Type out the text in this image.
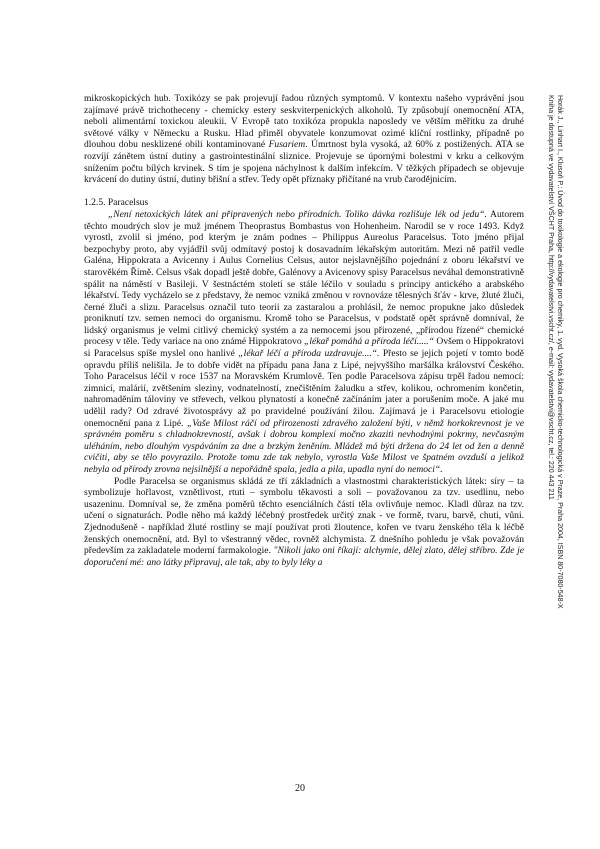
mikroskopických hub. Toxikózy se pak projevují řadou různých symptomů. V kontextu našeho vyprávění jsou zajímavé právě trichotheceny - chemicky estery seskviterpenických alkoholů. Ty způsobují onemocnění ATA, neboli alimentární toxickou aleukii. V Evropě tato toxikóza propukla naposledy ve větším měřítku za druhé světové války v Německu a Rusku. Hlad přiměl obyvatele konzumovat ozimé klíční rostlinky, případně po dlouhou dobu nesklizené obilí kontaminované Fusariem. Úmrtnost byla vysoká, až 60% z postižených. ATA se rozvíjí zánětem ústní dutiny a gastrointestinální sliznice. Projevuje se úpornými bolestmi v krku a celkovým snížením počtu bílých krvinek. S tím je spojena náchylnost k dalším infekcím. V těžkých případech se objevuje krvácení do dutiny ústní, dutiny břišní a střev. Tedy opět příznaky přičítané na vrub čarodějnicím.

1.2.5. Paracelsus

„Není netoxických látek ani připravených nebo přírodních. Toliko dávka rozlišuje lék od jedu“. Autorem těchto moudrých slov je muž jménem Theoprastus Bombastus von Hohenheim. Narodil se v roce 1493. Když vyrostl, zvolil si jméno, pod kterým je znám podnes – Philippus Aureolus Paracelsus. Toto jméno přijal bezpochyby proto, aby vyjádřil svůj odmítavý postoj k dosavadním lékařským autoritám. Mezi ně patřil vedle Galéna, Hippokrata a Avicenny i Aulus Cornelius Celsus, autor nejslavnějšího pojednání z oboru lékařství ve starověkém Římě. Celsus však dopadl ještě dobře, Galénovy a Avicenovy spisy Paracelsus neváhal demonstrativně spálit na náměstí v Basileji. V šestnáctém století se stále léčilo v souladu s principy antického a arabského lékařství. Tedy vycházelo se z představy, že nemoc vzniká změnou v rovnováze tělesných šťáv - krve, žluté žluči, černé žluči a slizu. Paracelsus označil tuto teorii za zastaralou a prohlásil, že nemoc propukne jako důsledek proniknutí tzv. semen nemoci do organismu. Kromě toho se Paracelsus, v podstatě opět správně domníval, že lidský organismus je velmi citlivý chemický systém a za nemocemi jsou přirozené, „přírodou řízené“ chemické procesy v těle. Tedy variace na ono známé Hippokratovo „lékař pomáhá a příroda léčí.....“ Ovšem o Hippokratovi si Paracelsus spíše myslel ono hanlivé „lékař léčí a příroda uzdravuje....“. Přesto se jejich pojetí v tomto bodě opravdu příliš nelišila. Je to dobře vidět na případu pana Jana z Lipé, nejvyššího maršálka království Českého. Toho Paracelsus léčil v roce 1537 na Moravském Krumlově. Ten podle Paracelsova zápisu trpěl řadou nemocí: zimnicí, malárií, zvětšením sleziny, vodnatelností, znečištěním žaludku a střev, kolikou, ochromením končetin, nahromaděním táloviny ve střevech, velkou plynatostí a konečně začínáním jater a porušením moče. A jaké mu udělil rady? Od zdravé životosprávy až po pravidelné používání žilou. Zajímavá je i Paracelsovu etiologie onemocnění pana z Lipé. „Vaše Milost ráčí od přirozenosti zdravého založení býti, v němž horkokrevnost je ve správném poměru s chladnokrevností, avšak i dobrou komplexí močno zkaziti nevhodnými pokrmy, nevčasným uléháním, nebo dlouhým vyspáváním za dne a brzkým ženěním. Mládež má býti držena do 24 let od žen a denně cvičiti, aby se tělo povyrazilo. Protože tomu zde tak nebylo, vyrostla Vaše Milost ve špatném ovzduší a jelikož nebyla od přírody zrovna nejsilnější a nepořádně spala, jedla a pila, upadla nyní do nemoci“.

Podle Paracelsa se organismus skládá ze tří základních a vlastnostmi charakteristických látek: síry – ta symbolizuje hořlavost, vznětlivost, rtuti – symbolu těkavosti a soli – považovanou za tzv. usedlinu, nebo usazeninu. Domníval se, že změna poměrů těchto esenciálních částí těla ovlivňuje nemoc. Kladl důraz na tzv. učení o signaturách. Podle něho má každý léčebný prostředek určitý znak - ve formě, tvaru, barvě, chuti, vůni. Zjednodušeně - například žluté rostliny se mají používat proti žloutence, kořen ve tvaru ženského těla k léčbě ženských onemocnění, atd. Byl to všestranný vědec, rovněž alchymista. Z dnešního pohledu je však považován především za zakladatele moderní farmakologie. "Nikoli jako oni říkají: alchymie, dělej zlato, dělej stříbro. Zde je doporučení mé: ano látky připravuj, ale tak, aby to byly léky a

20
Horák J., Linhart I., Klusoň P.: Úvod do toxikologie a ekologie pro chemiky, 1. vyd. Vysoká škola chemicko-technologická v Praze, Praha 2004, ISBN 80-7080-548-X
Kniha je dostupná ve vydavatelství VŠCHT Praha, http://vydavatelstvi.vscht.cz/, e-mail: vydavatelstvi@vscht.cz, tel.: 220 443 211
